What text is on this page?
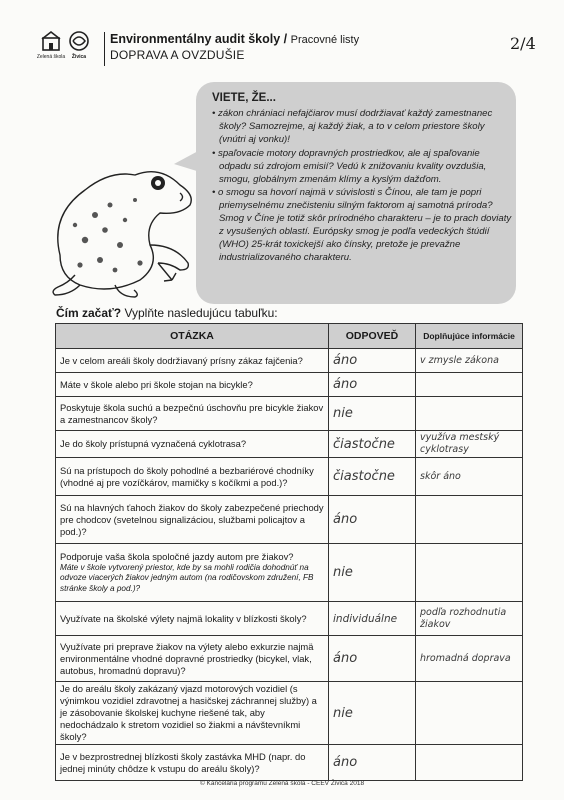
Zelená škola	Živica
Environmentálny audit školy / Pracovné listy
DOPRAVA A OVZDUŠIE
2/4
VIETE, ŽE...

• zákon chrániaci nefajčiarov musí dodržiavať každý zamestnanec školy? Samozrejme, aj každý žiak, a to v celom priestore školy (vnútri aj vonku)!

• spaľovacie motory dopravných prostriedkov, ale aj spaľovanie odpadu sú zdrojom emisií? Vedú k znižovaniu kvality ovzdušia, smogu, globálnym zmenám klímy a kyslým dažďom.

• o smogu sa hovorí najmä v súvislosti s Čínou, ale tam je popri priemyselnému znečisteniu silným faktorom aj samotná príroda? Smog v Číne je totiž skôr prírodného charakteru – je to prach doviaty z vysušených oblastí. Európsky smog je podľa vedeckých štúdií (WHO) 25-krát toxickejší ako čínsky, pretože je prevažne industrializovaného charakteru.

Čím začať? Vyplňte nasledujúcu tabuľku:
OTÁZKA	ODPOVEĎ	Doplňujúce informácie
Je v celom areáli školy dodržiavaný prísny zákaz fajčenia?	áno	v zmysle zákona
Máte v škole alebo pri škole stojan na bicykle?	áno	
Poskytuje škola suchú a bezpečnú úschovňu pre bicykle žiakov a zamestnancov školy?	nie	
Je do školy prístupná vyznačená cyklotrasa?	čiastočne	využíva mestský cyklotrasy
Sú na prístupoch do školy pohodlné a bezbariérové chodníky (vhodné aj pre vozíčkárov, mamičky s kočíkmi a pod.)?	čiastočne	skôr áno
Sú na hlavných ťahoch žiakov do školy zabezpečené priechody pre chodcov (svetelnou signalizáciou, službami policajtov a pod.)?	áno	
Podporuje vaša škola spoločné jazdy autom pre žiakov?
Máte v škole vytvorený priestor, kde by sa mohli rodičia dohodnúť na odvoze viacerých žiakov jedným autom (na rodičovskom združení, FB stránke školy a pod.)?	nie	
Využívate na školské výlety najmä lokality v blízkosti školy?	individuálne	podľa rozhodnutia žiakov
Využívate pri preprave žiakov na výlety alebo exkurzie najmä environmentálne vhodné dopravné prostriedky (bicykel, vlak, autobus, hromadnú dopravu)?	áno	hromadná doprava
Je do areálu školy zakázaný vjazd motorových vozidiel (s výnimkou vozidiel zdravotnej a hasičskej záchrannej služby) a je zásobovanie školskej kuchyne riešené tak, aby nedochádzalo k stretom vozidiel so žiakmi a návštevníkmi školy?	nie	
Je v bezprostrednej blízkosti školy zastávka MHD (napr. do jednej minúty chôdze k vstupu do areálu školy)?	áno	
© Kancelária programu Zelená škola - CEEV Živica 2018
